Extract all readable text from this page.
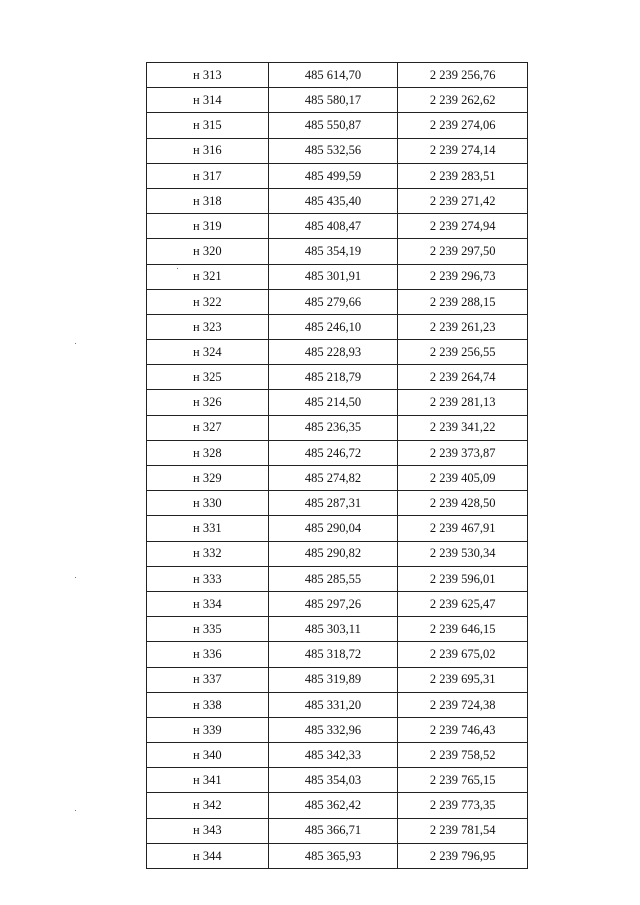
н 313	485 614,70	2 239 256,76
н 314	485 580,17	2 239 262,62
н 315	485 550,87	2 239 274,06
н 316	485 532,56	2 239 274,14
н 317	485 499,59	2 239 283,51
н 318	485 435,40	2 239 271,42
н 319	485 408,47	2 239 274,94
н 320	485 354,19	2 239 297,50
н 321	485 301,91	2 239 296,73
н 322	485 279,66	2 239 288,15
н 323	485 246,10	2 239 261,23
н 324	485 228,93	2 239 256,55
н 325	485 218,79	2 239 264,74
н 326	485 214,50	2 239 281,13
н 327	485 236,35	2 239 341,22
н 328	485 246,72	2 239 373,87
н 329	485 274,82	2 239 405,09
н 330	485 287,31	2 239 428,50
н 331	485 290,04	2 239 467,91
н 332	485 290,82	2 239 530,34
н 333	485 285,55	2 239 596,01
н 334	485 297,26	2 239 625,47
н 335	485 303,11	2 239 646,15
н 336	485 318,72	2 239 675,02
н 337	485 319,89	2 239 695,31
н 338	485 331,20	2 239 724,38
н 339	485 332,96	2 239 746,43
н 340	485 342,33	2 239 758,52
н 341	485 354,03	2 239 765,15
н 342	485 362,42	2 239 773,35
н 343	485 366,71	2 239 781,54
н 344	485 365,93	2 239 796,95
